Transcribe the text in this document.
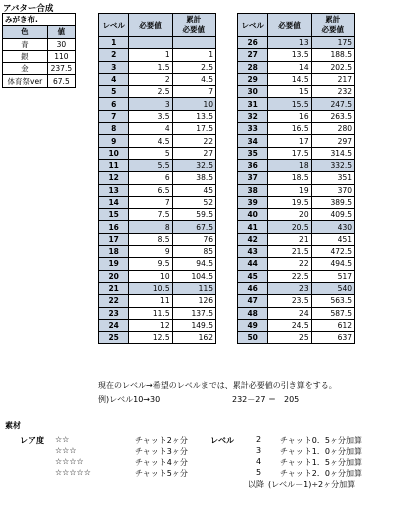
アバター合成
みがき布.	
色	値
青	30
銀	110
金	237.5
体育祭ver	67.5
レベル	必要値	累計
必要値
1		
2	1	1
3	1.5	2.5
4	2	4.5
5	2.5	7
6	3	10
7	3.5	13.5
8	4	17.5
9	4.5	22
10	5	27
11	5.5	32.5
12	6	38.5
13	6.5	45
14	7	52
15	7.5	59.5
16	8	67.5
17	8.5	76
18	9	85
19	9.5	94.5
20	10	104.5
21	10.5	115
22	11	126
23	11.5	137.5
24	12	149.5
25	12.5	162
レベル	必要値	累計
必要値
26	13	175
27	13.5	188.5
28	14	202.5
29	14.5	217
30	15	232
31	15.5	247.5
32	16	263.5
33	16.5	280
34	17	297
35	17.5	314.5
36	18	332.5
37	18.5	351
38	19	370
39	19.5	389.5
40	20	409.5
41	20.5	430
42	21	451
43	21.5	472.5
44	22	494.5
45	22.5	517
46	23	540
47	23.5	563.5
48	24	587.5
49	24.5	612
50	25	637
現在のレベル→希望のレベルまでは、累計必要値の引き算をする。
例)レベル10→30	232－27 ＝　205
素材
レア度	レベル
☆☆	チャット2ヶ分
☆☆☆	チャット3ヶ分
☆☆☆☆	チャット4ヶ分
☆☆☆☆☆	チャット5ヶ分
2 チャット0．5ヶ分加算
3 チャット1．0ヶ分加算
4 チャット1．5ヶ分加算
5 チャット2．0ヶ分加算
以降 (レベル－1)÷2ヶ分加算
